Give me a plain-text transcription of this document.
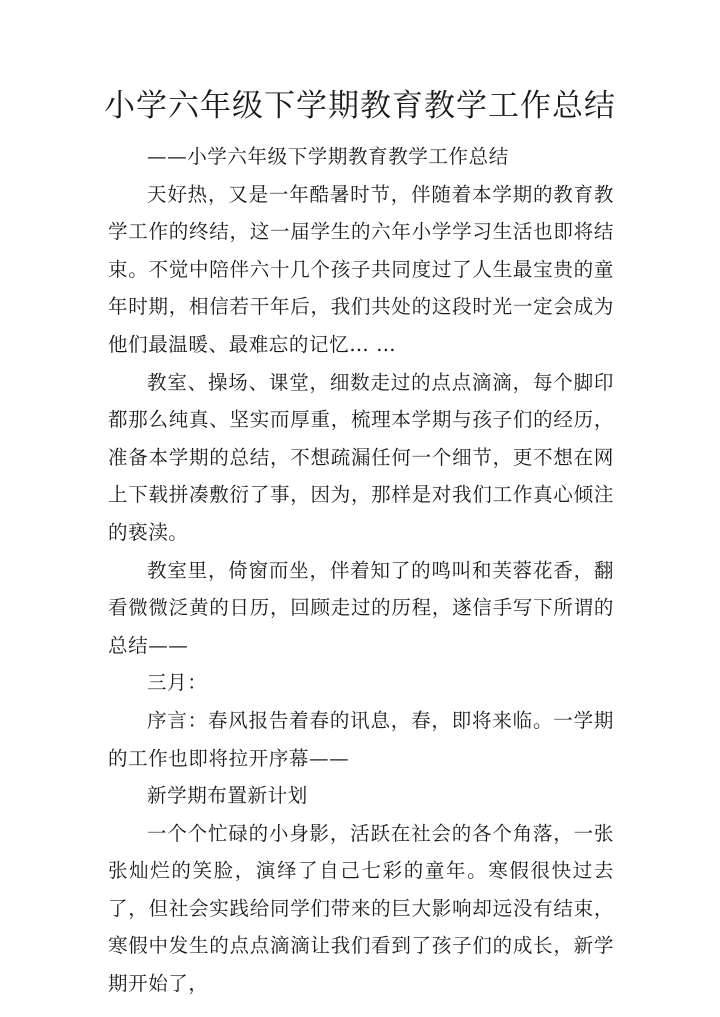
小学六年级下学期教育教学工作总结

——小学六年级下学期教育教学工作总结

天好热，又是一年酷暑时节，伴随着本学期的教育教学工作的终结，这一届学生的六年小学学习生活也即将结束。不觉中陪伴六十几个孩子共同度过了人生最宝贵的童年时期，相信若干年后，我们共处的这段时光一定会成为他们最温暖、最难忘的记忆… …

教室、操场、课堂，细数走过的点点滴滴，每个脚印都那么纯真、坚实而厚重，梳理本学期与孩子们的经历，准备本学期的总结，不想疏漏任何一个细节，更不想在网上下载拼凑敷衍了事，因为，那样是对我们工作真心倾注的亵渎。

教室里，倚窗而坐，伴着知了的鸣叫和芙蓉花香，翻看微微泛黄的日历，回顾走过的历程，遂信手写下所谓的总结——

三月：

序言：春风报告着春的讯息，春，即将来临。一学期的工作也即将拉开序幕——

新学期布置新计划

一个个忙碌的小身影，活跃在社会的各个角落，一张张灿烂的笑脸，演绎了自己七彩的童年。寒假很快过去了，但社会实践给同学们带来的巨大影响却远没有结束，寒假中发生的点点滴滴让我们看到了孩子们的成长，新学期开始了，
